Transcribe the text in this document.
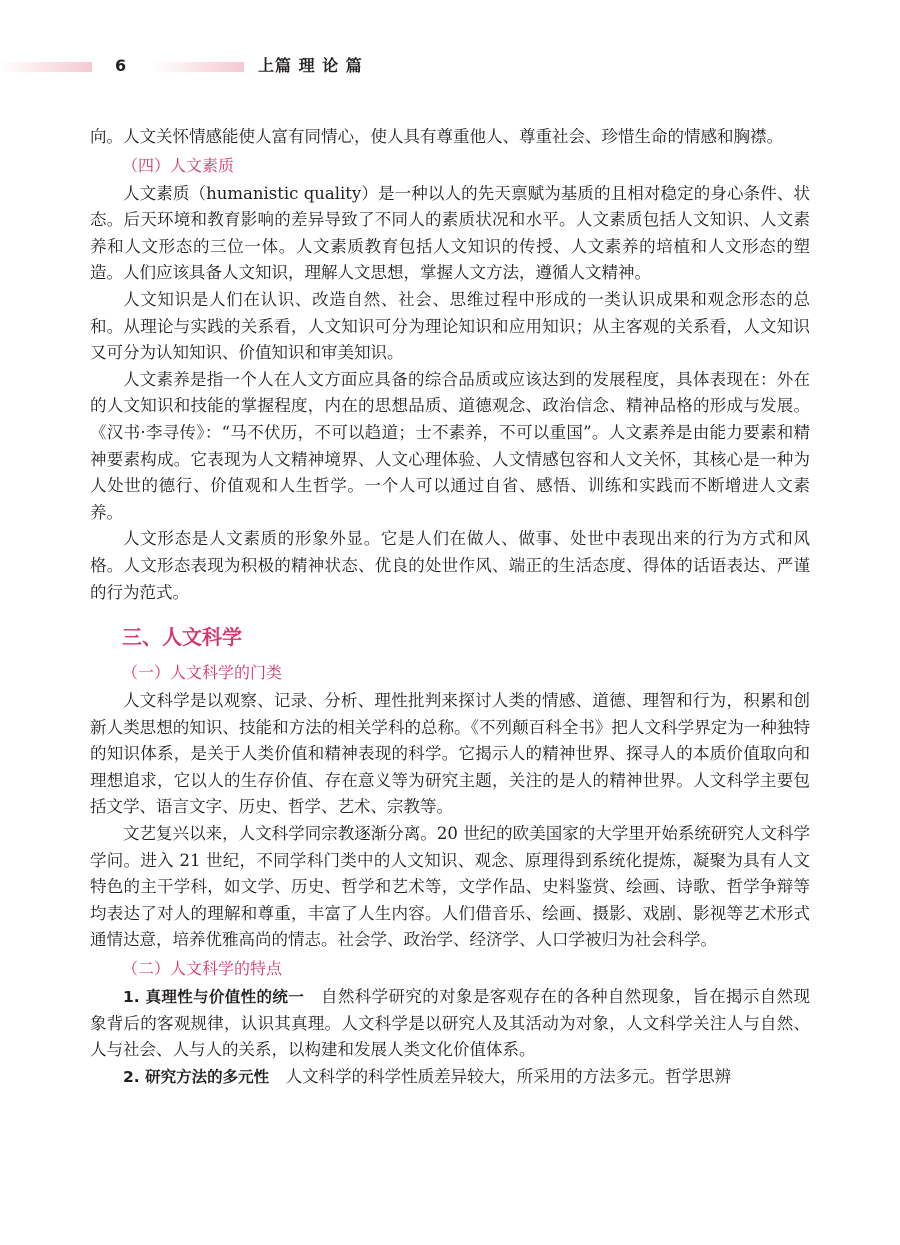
6	上篇 理 论 篇

向。人文关怀情感能使人富有同情心，使人具有尊重他人、尊重社会、珍惜生命的情感和胸襟。

（四）人文素质

人文素质（humanistic quality）是一种以人的先天禀赋为基质的且相对稳定的身心条件、状态。后天环境和教育影响的差异导致了不同人的素质状况和水平。人文素质包括人文知识、人文素养和人文形态的三位一体。人文素质教育包括人文知识的传授、人文素养的培植和人文形态的塑造。人们应该具备人文知识，理解人文思想，掌握人文方法，遵循人文精神。

人文知识是人们在认识、改造自然、社会、思维过程中形成的一类认识成果和观念形态的总和。从理论与实践的关系看，人文知识可分为理论知识和应用知识；从主客观的关系看，人文知识又可分为认知知识、价值知识和审美知识。

人文素养是指一个人在人文方面应具备的综合品质或应该达到的发展程度，具体表现在：外在的人文知识和技能的掌握程度，内在的思想品质、道德观念、政治信念、精神品格的形成与发展。《汉书·李寻传》：“马不伏历，不可以趋道；士不素养，不可以重国”。人文素养是由能力要素和精神要素构成。它表现为人文精神境界、人文心理体验、人文情感包容和人文关怀，其核心是一种为人处世的德行、价值观和人生哲学。一个人可以通过自省、感悟、训练和实践而不断增进人文素养。

人文形态是人文素质的形象外显。它是人们在做人、做事、处世中表现出来的行为方式和风格。人文形态表现为积极的精神状态、优良的处世作风、端正的生活态度、得体的话语表达、严谨的行为范式。

三、人文科学
（一）人文科学的门类

人文科学是以观察、记录、分析、理性批判来探讨人类的情感、道德、理智和行为，积累和创新人类思想的知识、技能和方法的相关学科的总称。《不列颠百科全书》把人文科学界定为一种独特的知识体系，是关于人类价值和精神表现的科学。它揭示人的精神世界、探寻人的本质价值取向和理想追求，它以人的生存价值、存在意义等为研究主题，关注的是人的精神世界。人文科学主要包括文学、语言文字、历史、哲学、艺术、宗教等。

文艺复兴以来，人文科学同宗教逐渐分离。20 世纪的欧美国家的大学里开始系统研究人文科学学问。进入 21 世纪，不同学科门类中的人文知识、观念、原理得到系统化提炼，凝聚为具有人文特色的主干学科，如文学、历史、哲学和艺术等，文学作品、史料鉴赏、绘画、诗歌、哲学争辩等均表达了对人的理解和尊重，丰富了人生内容。人们借音乐、绘画、摄影、戏剧、影视等艺术形式通情达意，培养优雅高尚的情志。社会学、政治学、经济学、人口学被归为社会科学。

（二）人文科学的特点

1. 真理性与价值性的统一　自然科学研究的对象是客观存在的各种自然现象，旨在揭示自然现象背后的客观规律，认识其真理。人文科学是以研究人及其活动为对象，人文科学关注人与自然、人与社会、人与人的关系，以构建和发展人类文化价值体系。

2. 研究方法的多元性　人文科学的科学性质差异较大，所采用的方法多元。哲学思辨
